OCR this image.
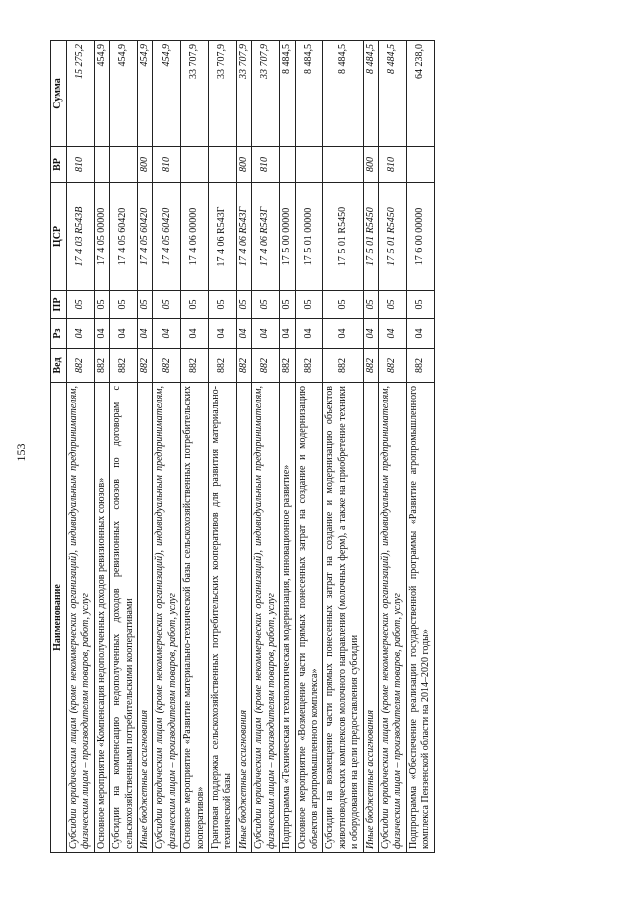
153
Наименование	Вед	Рз	ПР	ЦСР	ВР	Сумма
Субсидии юридическим лицам (кроме некоммерческих организаций), индивидуальным предпринимателям, физическим лицам – производителям товаров, работ, услуг	882	04	05	17 4 03 R543В	810	15 275,2
Основное мероприятие «Компенсация недополученных доходов ревизионных союзов»	882	04	05	17 4 05 00000		454,9
Субсидии на компенсацию недополученных доходов ревизионных союзов по договорам с сельскохозяйственными потребительскими кооперативами	882	04	05	17 4 05 60420		454,9
Иные бюджетные ассигнования	882	04	05	17 4 05 60420	800	454,9
Субсидии юридическим лицам (кроме некоммерческих организаций), индивидуальным предпринимателям, физическим лицам – производителям товаров, работ, услуг	882	04	05	17 4 05 60420	810	454,9
Основное мероприятие «Развитие материально-технической базы сельскохозяйственных потребительских кооперативов»	882	04	05	17 4 06 00000		33 707,9
Грантовая поддержка сельскохозяйственных потребительских кооперативов для развития материально-технической базы	882	04	05	17 4 06 R543Г		33 707,9
Иные бюджетные ассигнования	882	04	05	17 4 06 R543Г	800	33 707,9
Субсидии юридическим лицам (кроме некоммерческих организаций), индивидуальным предпринимателям, физическим лицам – производителям товаров, работ, услуг	882	04	05	17 4 06 R543Г	810	33 707,9
Подпрограмма «Техническая и технологическая модернизация, инновационное развитие»	882	04	05	17 5 00 00000		8 484,5
Основное мероприятие «Возмещение части прямых понесенных затрат на создание и модернизацию объектов агропромышленного комплекса»	882	04	05	17 5 01 00000		8 484,5
Субсидии на возмещение части прямых понесенных затрат на создание и модернизацию объектов животноводческих комплексов молочного направления (молочных ферм), а также на приобретение техники и оборудования на цели предоставления субсидии	882	04	05	17 5 01 R5450		8 484,5
Иные бюджетные ассигнования	882	04	05	17 5 01 R5450	800	8 484,5
Субсидии юридическим лицам (кроме некоммерческих организаций), индивидуальным предпринимателям, физическим лицам – производителям товаров, работ, услуг	882	04	05	17 5 01 R5450	810	8 484,5
Подпрограмма «Обеспечение реализации государственной программы «Развитие агропромышленного комплекса Пензенской области на 2014–2020 годы»	882	04	05	17 6 00 00000		64 238,0
